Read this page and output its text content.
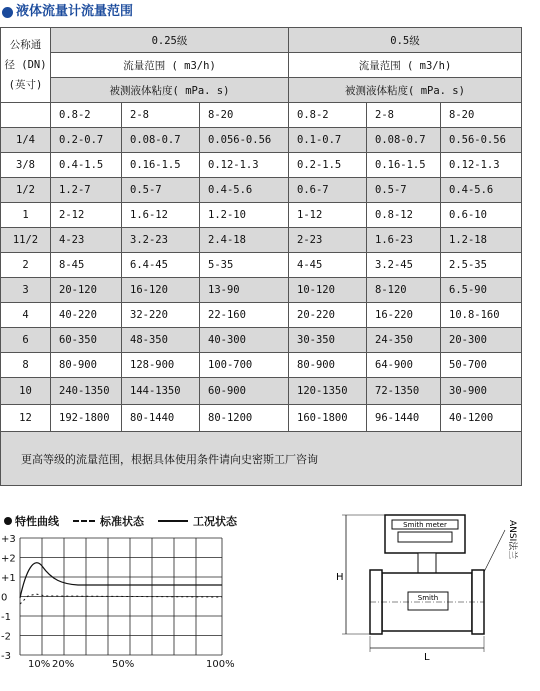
液体流量计流量范围
公称通
径 (DN)
(英寸)	0.25级			0.5级		
	流量范围 ( m3/h)			流量范围 ( m3/h)		
	被测液体粘度( mPa. s)			被测液体粘度( mPa. s)		
	0.8-2	2-8	8-20	0.8-2	2-8	8-20
1/4	0.2-0.7	0.08-0.7	0.056-0.56	0.1-0.7	0.08-0.7	0.56-0.56
3/8	0.4-1.5	0.16-1.5	0.12-1.3	0.2-1.5	0.16-1.5	0.12-1.3
1/2	1.2-7	0.5-7	0.4-5.6	0.6-7	0.5-7	0.4-5.6
1	2-12	1.6-12	1.2-10	1-12	0.8-12	0.6-10
11/2	4-23	3.2-23	2.4-18	2-23	1.6-23	1.2-18
2	8-45	6.4-45	5-35	4-45	3.2-45	2.5-35
3	20-120	16-120	13-90	10-120	8-120	6.5-90
4	40-220	32-220	22-160	20-220	16-220	10.8-160
6	60-350	48-350	40-300	30-350	24-350	20-300
8	80-900	128-900	100-700	80-900	64-900	50-700
10	240-1350	144-1350	60-900	120-1350	72-1350	30-900
12	192-1800	80-1440	80-1200	160-1800	96-1440	40-1200
更高等级的流量范围，根据具体使用条件请向史密斯工厂咨询						
特性曲线	标准状态	工况状态
+3
+2
+1
0
-1
-2
-3
10% 20%	50%	100%
Smith meter
Smith
H
L
ANSI法兰
